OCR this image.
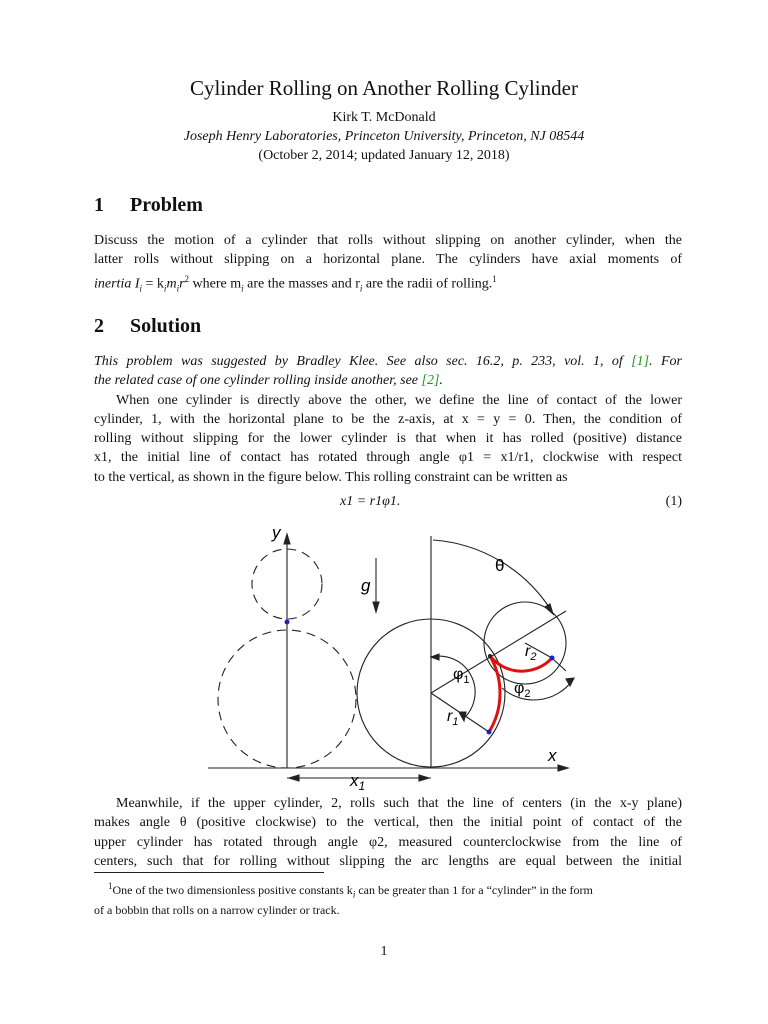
Cylinder Rolling on Another Rolling Cylinder
Kirk T. McDonald
Joseph Henry Laboratories, Princeton University, Princeton, NJ 08544
(October 2, 2014; updated January 12, 2018)
1 Problem
Discuss the motion of a cylinder that rolls without slipping on another cylinder, when the
latter rolls without slipping on a horizontal plane. The cylinders have axial moments of
inertia $I_i = k_im_ir^2$ where $m_i$ are the masses and $r_i$ are the radii of rolling.$^1$
2 Solution
This problem was suggested by Bradley Klee. See also sec. 16.2, p. 233, vol. 1, of [1]. For
the related case of one cylinder rolling inside another, see [2].
When one cylinder is directly above the other, we define the line of contact of the lower
cylinder, 1, with the horizontal plane to be the z-axis, at x = y = 0. Then, the condition of
rolling without slipping for the lower cylinder is that when it has rolled (positive) distance
x1, the initial line of contact has rotated through angle φ1 = x1/r1, clockwise with respect
to the vertical, as shown in the figure below. This rolling constraint can be written as
x1 = r1φ1.	(1)
y
x
g
θ
$x_1$
$\varphi_1$	$\varphi_2$
$r_1$
$r_2$
Meanwhile, if the upper cylinder, 2, rolls such that the line of centers (in the x-y plane)
makes angle θ (positive clockwise) to the vertical, then the initial point of contact of the
upper cylinder has rotated through angle φ2, measured counterclockwise from the line of
centers, such that for rolling without slipping the arc lengths are equal between the initial
$^1$One of the two dimensionless positive constants $k_i$ can be greater than 1 for a “cylinder” in the form
of a bobbin that rolls on a narrow cylinder or track.
1
